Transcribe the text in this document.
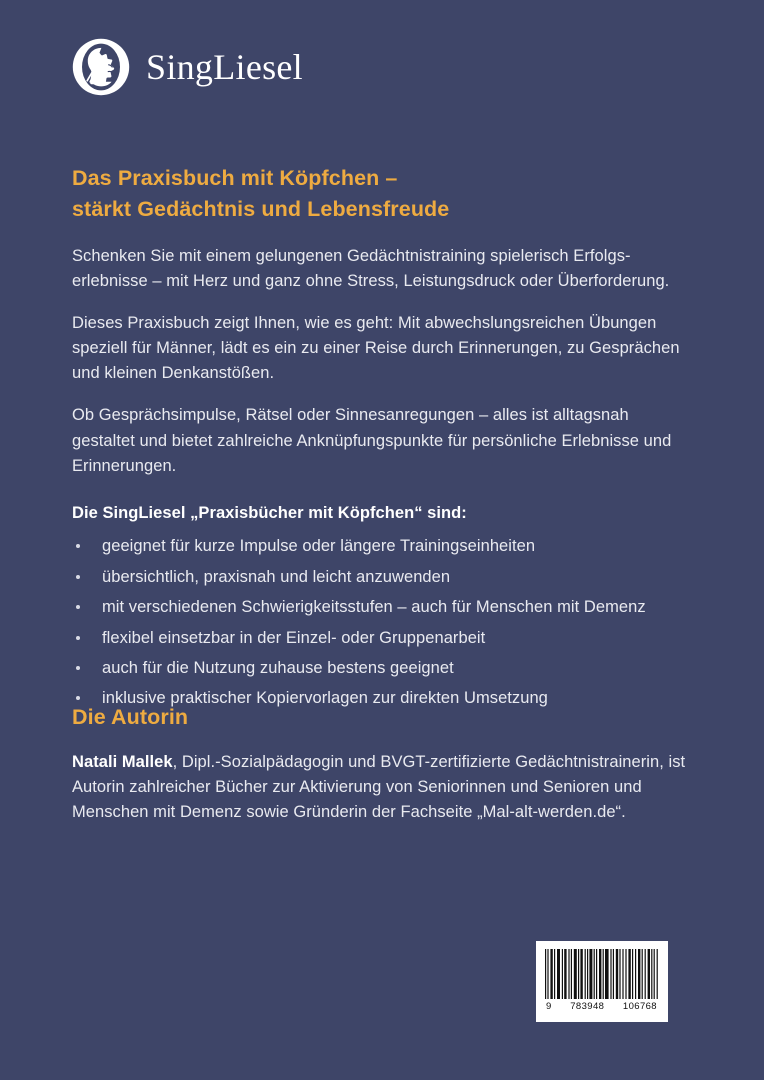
SingLiesel
Das Praxisbuch mit Köpfchen –
stärkt Gedächtnis und Lebensfreude

Schenken Sie mit einem gelungenen Gedächtnistraining spielerisch Erfolgs-erlebnisse – mit Herz und ganz ohne Stress, Leistungsdruck oder Überforderung.

Dieses Praxisbuch zeigt Ihnen, wie es geht: Mit abwechslungsreichen Übungen speziell für Männer, lädt es ein zu einer Reise durch Erinnerungen, zu Gesprächen und kleinen Denkanstößen.

Ob Gesprächsimpulse, Rätsel oder Sinnesanregungen – alles ist alltagsnah gestaltet und bietet zahlreiche Anknüpfungspunkte für persönliche Erlebnisse und Erinnerungen.

Die SingLiesel „Praxisbücher mit Köpfchen“ sind:

geeignet für kurze Impulse oder längere Trainingseinheiten
übersichtlich, praxisnah und leicht anzuwenden
mit verschiedenen Schwierigkeitsstufen – auch für Menschen mit Demenz
flexibel einsetzbar in der Einzel- oder Gruppenarbeit
auch für die Nutzung zuhause bestens geeignet
inklusive praktischer Kopiervorlagen zur direkten Umsetzung
Die Autorin

Natali Mallek, Dipl.-Sozialpädagogin und BVGT-zertifizierte Gedächtnistrainerin, ist Autorin zahlreicher Bücher zur Aktivierung von Seniorinnen und Senioren und Menschen mit Demenz sowie Gründerin der Fachseite „Mal-alt-werden.de“.

9 783948 106768
